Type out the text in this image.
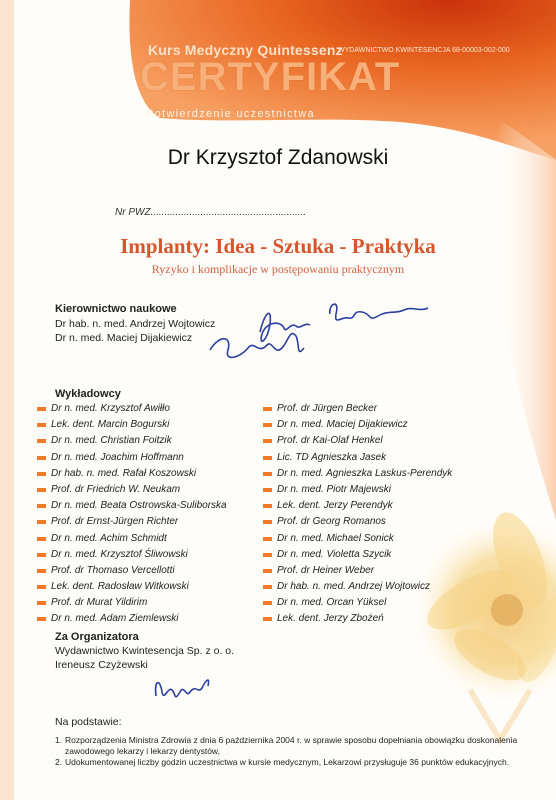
Kurs Medyczny Quintessenz
WYDAWNICTWO KWINTESENCJA 68-00003-002-000
CERTYFIKAT
Potwierdzenie uczestnictwa
Dr Krzysztof Zdanowski
Nr PWZ........................................................
Implanty: Idea - Sztuka - Praktyka
Ryzyko i komplikacje w postępowaniu praktycznym
Kierownictwo naukowe
Dr hab. n. med. Andrzej Wojtowicz
Dr n. med. Maciej Dijakiewicz
Wykładowcy
Dr n. med. Krzysztof Awiłło
Lek. dent. Marcin Bogurski
Dr n. med. Christian Foitzik
Dr n. med. Joachim Hoffmann
Dr hab. n. med. Rafał Koszowski
Prof. dr Friedrich W. Neukam
Dr n. med. Beata Ostrowska-Suliborska
Prof. dr Ernst-Jürgen Richter
Dr n. med. Achim Schmidt
Dr n. med. Krzysztof Śliwowski
Prof. dr Thomaso Vercellotti
Lek. dent. Radosław Witkowski
Prof. dr Murat Yildirim
Dr n. med. Adam Ziemlewski
Prof. dr Jürgen Becker
Dr n. med. Maciej Dijakiewicz
Prof. dr Kai-Olaf Henkel
Lic. TD Agnieszka Jasek
Dr n. med. Agnieszka Laskus-Perendyk
Dr n. med. Piotr Majewski
Lek. dent. Jerzy Perendyk
Prof. dr Georg Romanos
Dr n. med. Michael Sonick
Dr n. med. Violetta Szycik
Prof. dr Heiner Weber
Dr hab. n. med. Andrzej Wojtowicz
Dr n. med. Orcan Yüksel
Lek. dent. Jerzy Zbożeń
Za Organizatora
Wydawnictwo Kwintesencja Sp. z o. o.
Ireneusz Czyżewski
Na podstawie:
1. Rozporządzenia Ministra Zdrowia z dnia 6 października 2004 r. w sprawie sposobu dopełniania obowiązku doskonalenia zawodowego lekarzy i lekarzy dentystów,
2. Udokumentowanej liczby godzin uczestnictwa w kursie medycznym, Lekarzowi przysługuje 36 punktów edukacyjnych.
